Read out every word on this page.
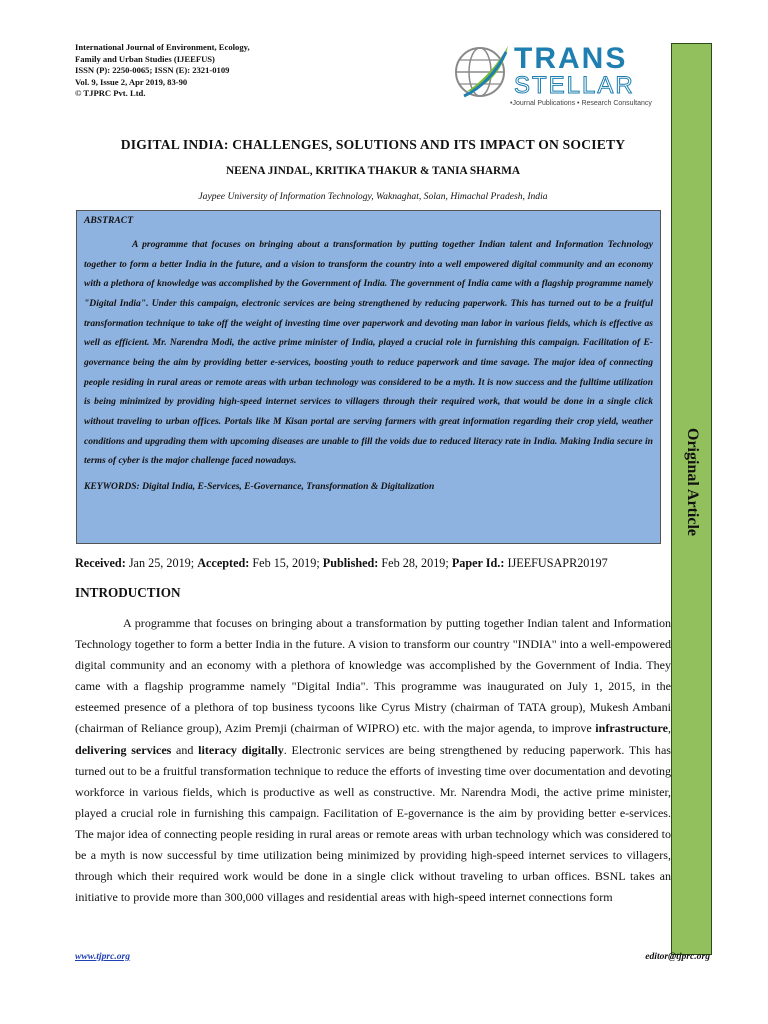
International Journal of Environment, Ecology,
Family and Urban Studies (IJEEFUS)
ISSN (P): 2250-0065; ISSN (E): 2321-0109
Vol. 9, Issue 2, Apr 2019, 83-90
© TJPRC Pvt. Ltd.
TRANS
STELLAR
•Journal Publications • Research Consultancy
Original Article
DIGITAL INDIA: CHALLENGES, SOLUTIONS AND ITS IMPACT ON SOCIETY
NEENA JINDAL, KRITIKA THAKUR & TANIA SHARMA
Jaypee University of Information Technology, Waknaghat, Solan, Himachal Pradesh, India
ABSTRACT
A programme that focuses on bringing about a transformation by putting together Indian talent and Information Technology together to form a better India in the future, and a vision to transform the country into a well empowered digital community and an economy with a plethora of knowledge was accomplished by the Government of India. The government of India came with a flagship programme namely "Digital India". Under this campaign, electronic services are being strengthened by reducing paperwork. This has turned out to be a fruitful transformation technique to take off the weight of investing time over paperwork and devoting man labor in various fields, which is effective as well as efficient. Mr. Narendra Modi, the active prime minister of India, played a crucial role in furnishing this campaign. Facilitation of E-governance being the aim by providing better e-services, boosting youth to reduce paperwork and time savage. The major idea of connecting people residing in rural areas or remote areas with urban technology was considered to be a myth. It is now success and the fulltime utilization is being minimized by providing high-speed internet services to villagers through their required work, that would be done in a single click without traveling to urban offices. Portals like M Kisan portal are serving farmers with great information regarding their crop yield, weather conditions and upgrading them with upcoming diseases are unable to fill the voids due to reduced literacy rate in India. Making India secure in terms of cyber is the major challenge faced nowadays.
KEYWORDS: Digital India, E-Services, E-Governance, Transformation & Digitalization
Received: Jan 25, 2019; Accepted: Feb 15, 2019; Published: Feb 28, 2019; Paper Id.: IJEEFUSAPR20197
INTRODUCTION
A programme that focuses on bringing about a transformation by putting together Indian talent and Information Technology together to form a better India in the future. A vision to transform our country "INDIA" into a well-empowered digital community and an economy with a plethora of knowledge was accomplished by the Government of India. They came with a flagship programme namely "Digital India". This programme was inaugurated on July 1, 2015, in the esteemed presence of a plethora of top business tycoons like Cyrus Mistry (chairman of TATA group), Mukesh Ambani (chairman of Reliance group), Azim Premji (chairman of WIPRO) etc. with the major agenda, to improve infrastructure, delivering services and literacy digitally. Electronic services are being strengthened by reducing paperwork. This has turned out to be a fruitful transformation technique to reduce the efforts of investing time over documentation and devoting workforce in various fields, which is productive as well as constructive. Mr. Narendra Modi, the active prime minister, played a crucial role in furnishing this campaign. Facilitation of E-governance is the aim by providing better e-services. The major idea of connecting people residing in rural areas or remote areas with urban technology which was considered to be a myth is now successful by time utilization being minimized by providing high-speed internet services to villagers, through which their required work would be done in a single click without traveling to urban offices. BSNL takes an initiative to provide more than 300,000 villages and residential areas with high-speed internet connections form
www.tjprc.org	editor@tjprc.org
